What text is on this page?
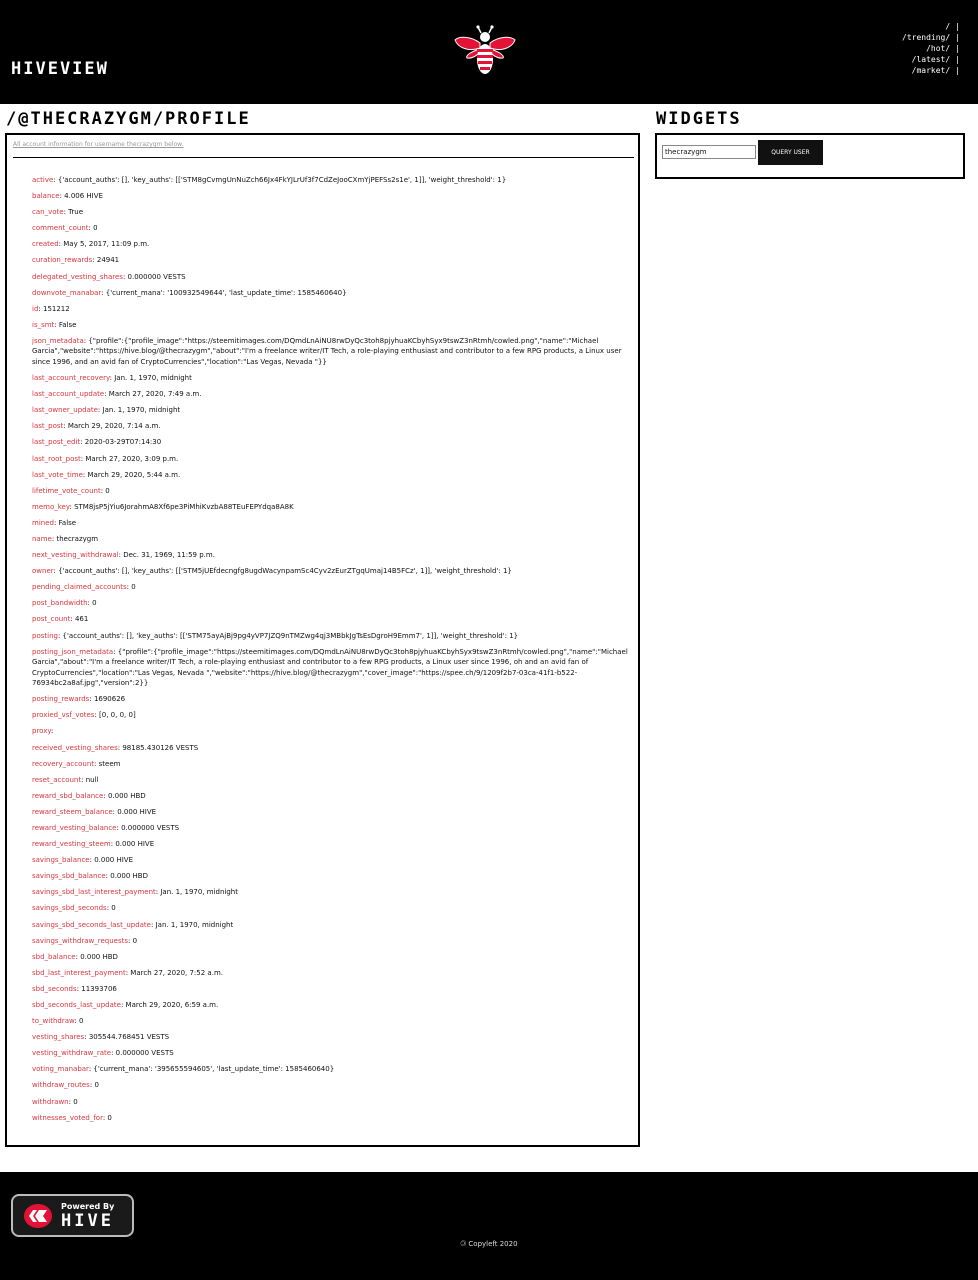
HIVEVIEW
/ |
/trending/ |
/hot/ |
/latest/ |
/market/ |
/@THECRAZYGM/PROFILE
All account information for username thecrazygm below.
active: {'account_auths': [], 'key_auths': [['STM8gCvmgUnNuZch66Jx4FkYJLrUf3f7CdZeJooCXmYjPEFSs2s1e', 1]], 'weight_threshold': 1}
balance: 4.006 HIVE
can_vote: True
comment_count: 0
created: May 5, 2017, 11:09 p.m.
curation_rewards: 24941
delegated_vesting_shares: 0.000000 VESTS
downvote_manabar: {'current_mana': '100932549644', 'last_update_time': 1585460640}
id: 151212
is_smt: False
json_metadata: {"profile":{"profile_image":"https://steemitimages.com/DQmdLnAiNU8rwDyQc3toh8pjyhuaKCbyhSyx9tswZ3nRtmh/cowled.png","name":"Michael Garcia","website":"https://hive.blog/@thecrazygm","about":"I'm a freelance writer/IT Tech, a role-playing enthusiast and contributor to a few RPG products, a Linux user since 1996, and an avid fan of CryptoCurrencies","location":"Las Vegas, Nevada "}}
last_account_recovery: Jan. 1, 1970, midnight
last_account_update: March 27, 2020, 7:49 a.m.
last_owner_update: Jan. 1, 1970, midnight
last_post: March 29, 2020, 7:14 a.m.
last_post_edit: 2020-03-29T07:14:30
last_root_post: March 27, 2020, 3:09 p.m.
last_vote_time: March 29, 2020, 5:44 a.m.
lifetime_vote_count: 0
memo_key: STM8jsP5jYiu6JorahmA8Xf6pe3PiMhiKvzbA88TEuFEPYdqa8A8K
mined: False
name: thecrazygm
next_vesting_withdrawal: Dec. 31, 1969, 11:59 p.m.
owner: {'account_auths': [], 'key_auths': [['STM5jUEfdecngfg8ugdWacynpamSc4Cyv2zEurZTgqUmaj14B5FCz', 1]], 'weight_threshold': 1}
pending_claimed_accounts: 0
post_bandwidth: 0
post_count: 461
posting: {'account_auths': [], 'key_auths': [['STM75ayAjBj9pg4yVP7JZQ9nTMZwg4qj3MBbkJgTsEsDgroH9Emm7', 1]], 'weight_threshold': 1}
posting_json_metadata: {"profile":{"profile_image":"https://steemitimages.com/DQmdLnAiNU8rwDyQc3toh8pjyhuaKCbyhSyx9tswZ3nRtmh/cowled.png","name":"Michael Garcia","about":"I'm a freelance writer/IT Tech, a role-playing enthusiast and contributor to a few RPG products, a Linux user since 1996, oh and an avid fan of CryptoCurrencies","location":"Las Vegas, Nevada ","website":"https://hive.blog/@thecrazygm","cover_image":"https://spee.ch/9/1209f2b7-03ca-41f1-b522-76934bc2a8af.jpg","version":2}}
posting_rewards: 1690626
proxied_vsf_votes: [0, 0, 0, 0]
proxy:
received_vesting_shares: 98185.430126 VESTS
recovery_account: steem
reset_account: null
reward_sbd_balance: 0.000 HBD
reward_steem_balance: 0.000 HIVE
reward_vesting_balance: 0.000000 VESTS
reward_vesting_steem: 0.000 HIVE
savings_balance: 0.000 HIVE
savings_sbd_balance: 0.000 HBD
savings_sbd_last_interest_payment: Jan. 1, 1970, midnight
savings_sbd_seconds: 0
savings_sbd_seconds_last_update: Jan. 1, 1970, midnight
savings_withdraw_requests: 0
sbd_balance: 0.000 HBD
sbd_last_interest_payment: March 27, 2020, 7:52 a.m.
sbd_seconds: 11393706
sbd_seconds_last_update: March 29, 2020, 6:59 a.m.
to_withdraw: 0
vesting_shares: 305544.768451 VESTS
vesting_withdraw_rate: 0.000000 VESTS
voting_manabar: {'current_mana': '395655594605', 'last_update_time': 1585460640}
withdraw_routes: 0
withdrawn: 0
witnesses_voted_for: 0
WIDGETS
thecrazygm
QUERY USER
Powered By
HIVE
🄯 Copyleft 2020
